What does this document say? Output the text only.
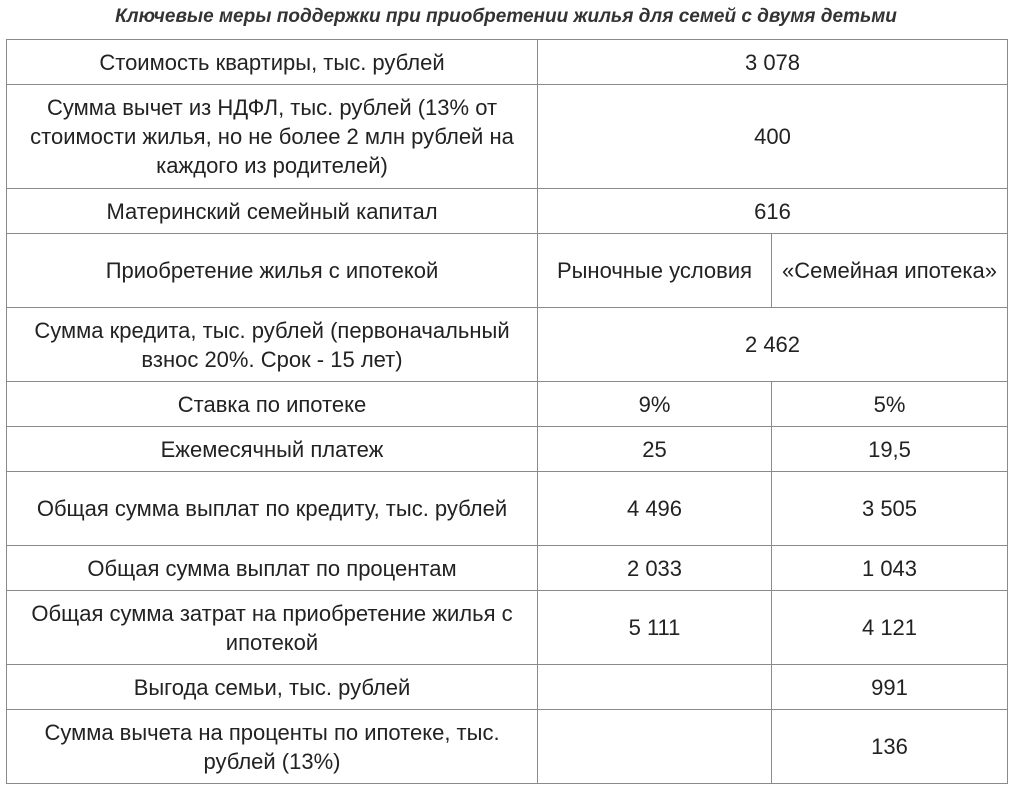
Ключевые меры поддержки при приобретении жилья для семей с двумя детьми
Стоимость квартиры, тыс. рублей	3 078	
Сумма вычет из НДФЛ, тыс. рублей (13% от стоимости жилья, но не более 2 млн рублей на каждого из родителей)	400	
Материнский семейный капитал	616	
Приобретение жилья с ипотекой	Рыночные условия	«Семейная ипотека»
Сумма кредита, тыс. рублей (первоначальный взнос 20%. Срок - 15 лет)	2 462	
Ставка по ипотеке	9%	5%
Ежемесячный платеж	25	19,5
Общая сумма выплат по кредиту, тыс. рублей	4 496	3 505
Общая сумма выплат по процентам	2 033	1 043
Общая сумма затрат на приобретение жилья с ипотекой	5 111	4 121
Выгода семьи, тыс. рублей		991
Сумма вычета на проценты по ипотеке, тыс. рублей (13%)		136
